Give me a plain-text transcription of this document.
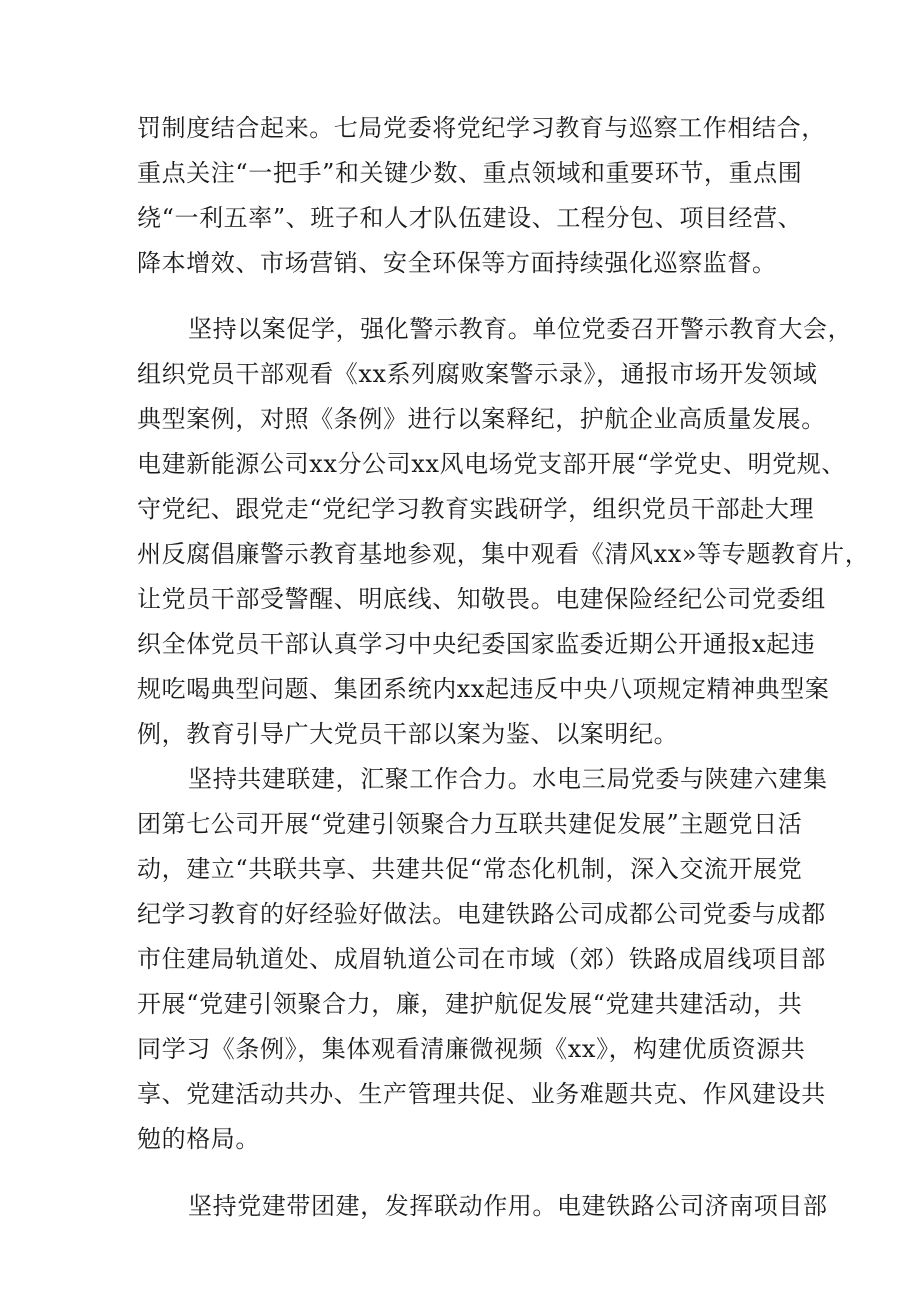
罚制度结合起来。七局党委将党纪学习教育与巡察工作相结合，
重点关注“一把手”和关键少数、重点领域和重要环节，重点围
绕“一利五率”、班子和人才队伍建设、工程分包、项目经营、
降本增效、市场营销、安全环保等方面持续强化巡察监督。
坚持以案促学，强化警示教育。单位党委召开警示教育大会，
组织党员干部观看《xx系列腐败案警示录》，通报市场开发领域
典型案例，对照《条例》进行以案释纪，护航企业高质量发展。
电建新能源公司xx分公司xx风电场党支部开展“学党史、明党规、
守党纪、跟党走“党纪学习教育实践研学，组织党员干部赴大理
州反腐倡廉警示教育基地参观，集中观看《清风xx»等专题教育片，
让党员干部受警醒、明底线、知敬畏。电建保险经纪公司党委组
织全体党员干部认真学习中央纪委国家监委近期公开通报x起违
规吃喝典型问题、集团系统内xx起违反中央八项规定精神典型案
例，教育引导广大党员干部以案为鉴、以案明纪。
坚持共建联建，汇聚工作合力。水电三局党委与陕建六建集
团第七公司开展“党建引领聚合力互联共建促发展”主题党日活
动，建立“共联共享、共建共促“常态化机制，深入交流开展党
纪学习教育的好经验好做法。电建铁路公司成都公司党委与成都
市住建局轨道处、成眉轨道公司在市域（郊）铁路成眉线项目部
开展“党建引领聚合力，廉，建护航促发展“党建共建活动，共
同学习《条例》，集体观看清廉微视频《xx》，构建优质资源共
享、党建活动共办、生产管理共促、业务难题共克、作风建设共
勉的格局。
坚持党建带团建，发挥联动作用。电建铁路公司济南项目部
